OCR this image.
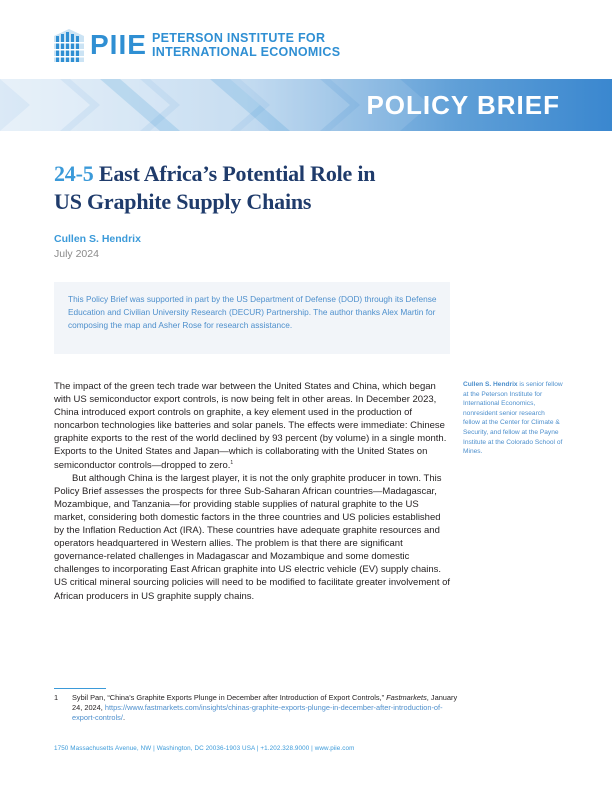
PIIE PETERSON INSTITUTE FOR
INTERNATIONAL ECONOMICS
POLICY BRIEF
24-5 East Africa’s Potential Role in
US Graphite Supply Chains
Cullen S. Hendrix
July 2024
This Policy Brief was supported in part by the US Department of Defense (DOD) through its Defense Education and Civilian University Research (DECUR) Partnership. The author thanks Alex Martin for composing the map and Asher Rose for research assistance.

The impact of the green tech trade war between the United States and China, which began with US semiconductor export controls, is now being felt in other areas. In December 2023, China introduced export controls on graphite, a key element used in the production of noncarbon technologies like batteries and solar panels. The effects were immediate: Chinese graphite exports to the rest of the world declined by 93 percent (by volume) in a single month. Exports to the United States and Japan—which is collaborating with the United States on semiconductor controls—dropped to zero.$^1$

But although China is the largest player, it is not the only graphite producer in town. This Policy Brief assesses the prospects for three Sub-Saharan African countries—Madagascar, Mozambique, and Tanzania—for providing stable supplies of natural graphite to the US market, considering both domestic factors in the three countries and US policies established by the Inflation Reduction Act (IRA). These countries have adequate graphite resources and operators headquartered in Western allies. The problem is that there are significant governance-related challenges in Madagascar and Mozambique and some domestic challenges to incorporating East African graphite into US electric vehicle (EV) supply chains. US critical mineral sourcing policies will need to be modified to facilitate greater involvement of African producers in US graphite supply chains.

Cullen S. Hendrix is senior fellow at the Peterson Institute for International Economics, nonresident senior research fellow at the Center for Climate & Security, and fellow at the Payne Institute at the Colorado School of Mines.
1 Sybil Pan, “China’s Graphite Exports Plunge in December after Introduction of Export Controls,” Fastmarkets, January 24, 2024, https://www.fastmarkets.com/insights/chinas-graphite-exports-plunge-in-december-after-introduction-of-export-controls/.
1750 Massachusetts Avenue, NW | Washington, DC 20036-1903 USA | +1.202.328.9000 | www.piie.com
